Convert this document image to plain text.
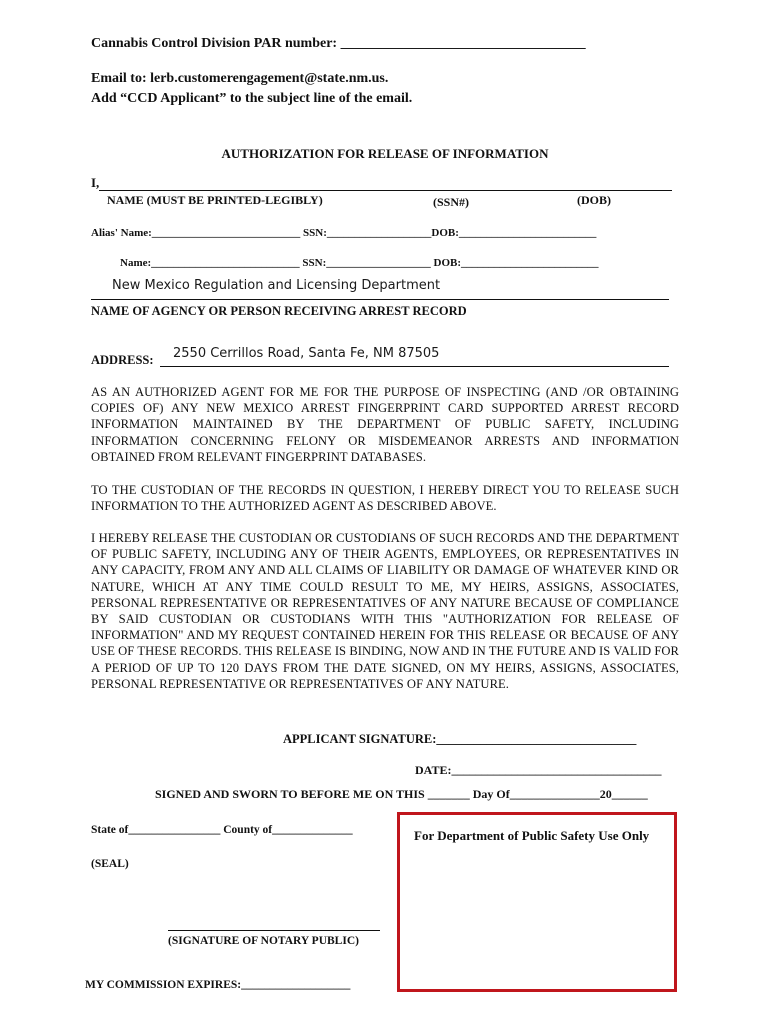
Cannabis Control Division PAR number: ___________________________________
Email to: lerb.customerengagement@state.nm.us.
Add “CCD Applicant” to the subject line of the email.
AUTHORIZATION FOR RELEASE OF INFORMATION
I,
NAME (MUST BE PRINTED-LEGIBLY)	(SSN#)	(DOB)
Alias' Name:___________________________ SSN:___________________DOB:_________________________
Name:___________________________ SSN:___________________ DOB:_________________________
New Mexico Regulation and Licensing Department
NAME OF AGENCY OR PERSON RECEIVING ARREST RECORD
ADDRESS: 2550 Cerrillos Road, Santa Fe, NM 87505
AS AN AUTHORIZED AGENT FOR ME FOR THE PURPOSE OF INSPECTING (AND /OR OBTAINING COPIES OF) ANY NEW MEXICO ARREST FINGERPRINT CARD SUPPORTED ARREST RECORD INFORMATION MAINTAINED BY THE DEPARTMENT OF PUBLIC SAFETY, INCLUDING INFORMATION CONCERNING FELONY OR MISDEMEANOR ARRESTS AND INFORMATION OBTAINED FROM RELEVANT FINGERPRINT DATABASES.
TO THE CUSTODIAN OF THE RECORDS IN QUESTION, I HEREBY DIRECT YOU TO RELEASE SUCH INFORMATION TO THE AUTHORIZED AGENT AS DESCRIBED ABOVE.
I HEREBY RELEASE THE CUSTODIAN OR CUSTODIANS OF SUCH RECORDS AND THE DEPARTMENT OF PUBLIC SAFETY, INCLUDING ANY OF THEIR AGENTS, EMPLOYEES, OR REPRESENTATIVES IN ANY CAPACITY, FROM ANY AND ALL CLAIMS OF LIABILITY OR DAMAGE OF WHATEVER KIND OR NATURE, WHICH AT ANY TIME COULD RESULT TO ME, MY HEIRS, ASSIGNS, ASSOCIATES, PERSONAL REPRESENTATIVE OR REPRESENTATIVES OF ANY NATURE BECAUSE OF COMPLIANCE BY SAID CUSTODIAN OR CUSTODIANS WITH THIS "AUTHORIZATION FOR RELEASE OF INFORMATION" AND MY REQUEST CONTAINED HEREIN FOR THIS RELEASE OR BECAUSE OF ANY USE OF THESE RECORDS. THIS RELEASE IS BINDING, NOW AND IN THE FUTURE AND IS VALID FOR A PERIOD OF UP TO 120 DAYS FROM THE DATE SIGNED, ON MY HEIRS, ASSIGNS, ASSOCIATES, PERSONAL REPRESENTATIVE OR REPRESENTATIVES OF ANY NATURE.
APPLICANT SIGNATURE:________________________________
DATE:___________________________________
SIGNED AND SWORN TO BEFORE ME ON THIS _______ Day Of_______________20______
State of________________ County of______________
(SEAL)
(SIGNATURE OF NOTARY PUBLIC)
MY COMMISSION EXPIRES:___________________
For Department of Public Safety Use Only
